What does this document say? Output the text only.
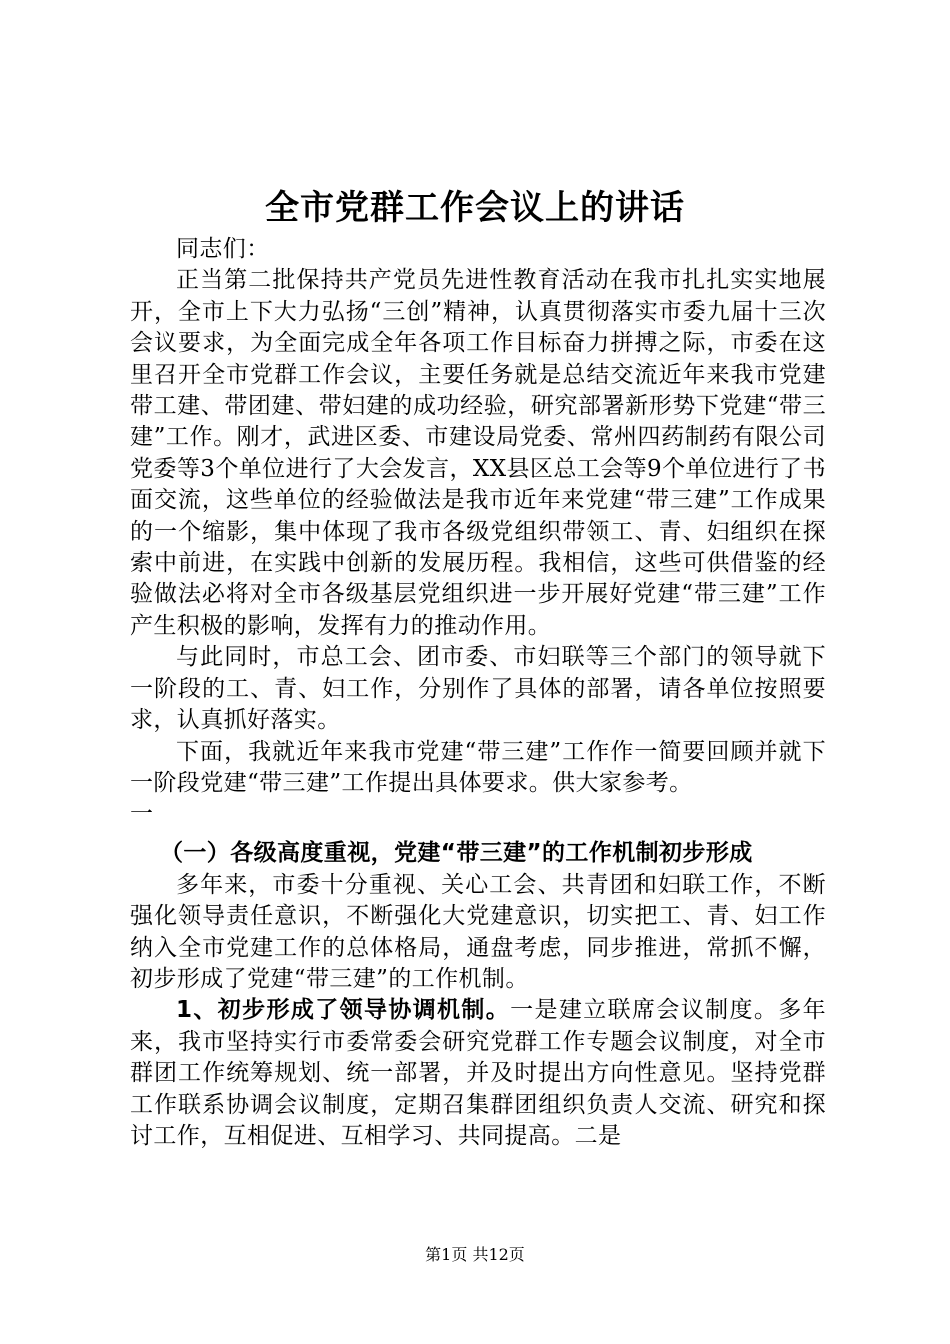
全市党群工作会议上的讲话

同志们：

正当第二批保持共产党员先进性教育活动在我市扎扎实实地展开，全市上下大力弘扬“三创”精神，认真贯彻落实市委九届十三次会议要求，为全面完成全年各项工作目标奋力拼搏之际，市委在这里召开全市党群工作会议，主要任务就是总结交流近年来我市党建带工建、带团建、带妇建的成功经验，研究部署新形势下党建“带三建”工作。刚才，武进区委、市建设局党委、常州四药制药有限公司党委等3个单位进行了大会发言，XX县区总工会等9个单位进行了书面交流，这些单位的经验做法是我市近年来党建“带三建”工作成果的一个缩影，集中体现了我市各级党组织带领工、青、妇组织在探索中前进，在实践中创新的发展历程。我相信，这些可供借鉴的经验做法必将对全市各级基层党组织进一步开展好党建“带三建”工作产生积极的影响，发挥有力的推动作用。

与此同时，市总工会、团市委、市妇联等三个部门的领导就下一阶段的工、青、妇工作，分别作了具体的部署，请各单位按照要求，认真抓好落实。

下面，我就近年来我市党建“带三建”工作作一简要回顾并就下一阶段党建“带三建”工作提出具体要求。供大家参考。

一

（一）各级高度重视，党建“带三建”的工作机制初步形成

多年来，市委十分重视、关心工会、共青团和妇联工作，不断强化领导责任意识，不断强化大党建意识，切实把工、青、妇工作纳入全市党建工作的总体格局，通盘考虑，同步推进，常抓不懈，初步形成了党建“带三建”的工作机制。

1、初步形成了领导协调机制。一是建立联席会议制度。多年来，我市坚持实行市委常委会研究党群工作专题会议制度，对全市群团工作统筹规划、统一部署，并及时提出方向性意见。坚持党群工作联系协调会议制度，定期召集群团组织负责人交流、研究和探讨工作，互相促进、互相学习、共同提高。二是

第1页 共12页
